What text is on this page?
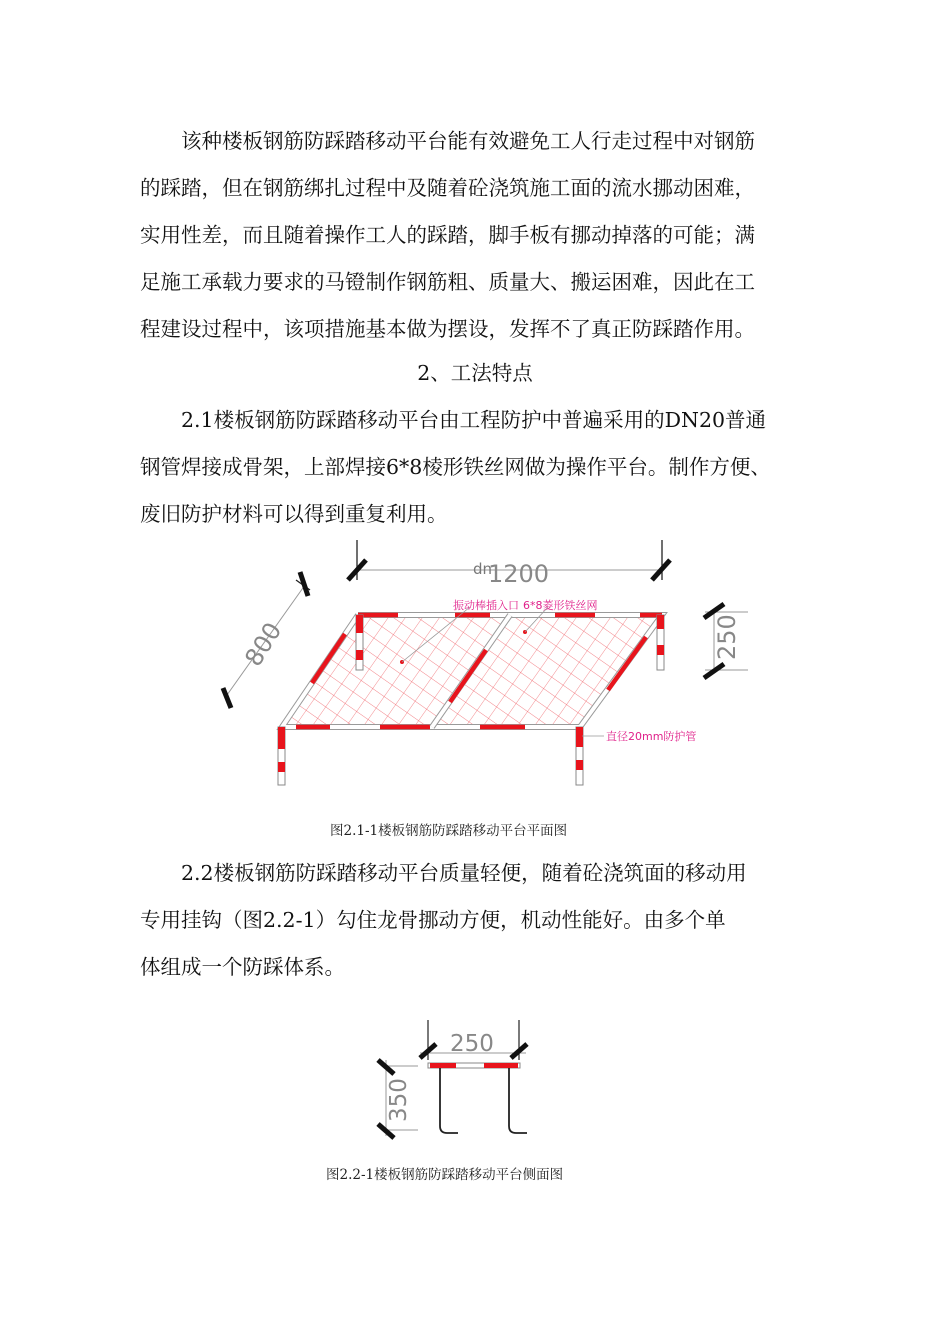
该种楼板钢筋防踩踏移动平台能有效避免工人行走过程中对钢筋
的踩踏，但在钢筋绑扎过程中及随着砼浇筑施工面的流水挪动困难，
实用性差，而且随着操作工人的踩踏，脚手板有挪动掉落的可能；满
足施工承载力要求的马镫制作钢筋粗、质量大、搬运困难，因此在工
程建设过程中，该项措施基本做为摆设，发挥不了真正防踩踏作用。

2、工法特点

2.1楼板钢筋防踩踏移动平台由工程防护中普遍采用的DN20普通
钢管焊接成骨架，上部焊接6*8棱形铁丝网做为操作平台。制作方便、
废旧防护材料可以得到重复利用。

dn
1200
800	250
振动棒插入口 6*8菱形铁丝网
直径20mm防护管

图2.1-1楼板钢筋防踩踏移动平台平面图

2.2楼板钢筋防踩踏移动平台质量轻便，随着砼浇筑面的移动用
专用挂钩（图2.2-1）勾住龙骨挪动方便，机动性能好。由多个单
体组成一个防踩体系。

250
350

图2.2-1楼板钢筋防踩踏移动平台侧面图
